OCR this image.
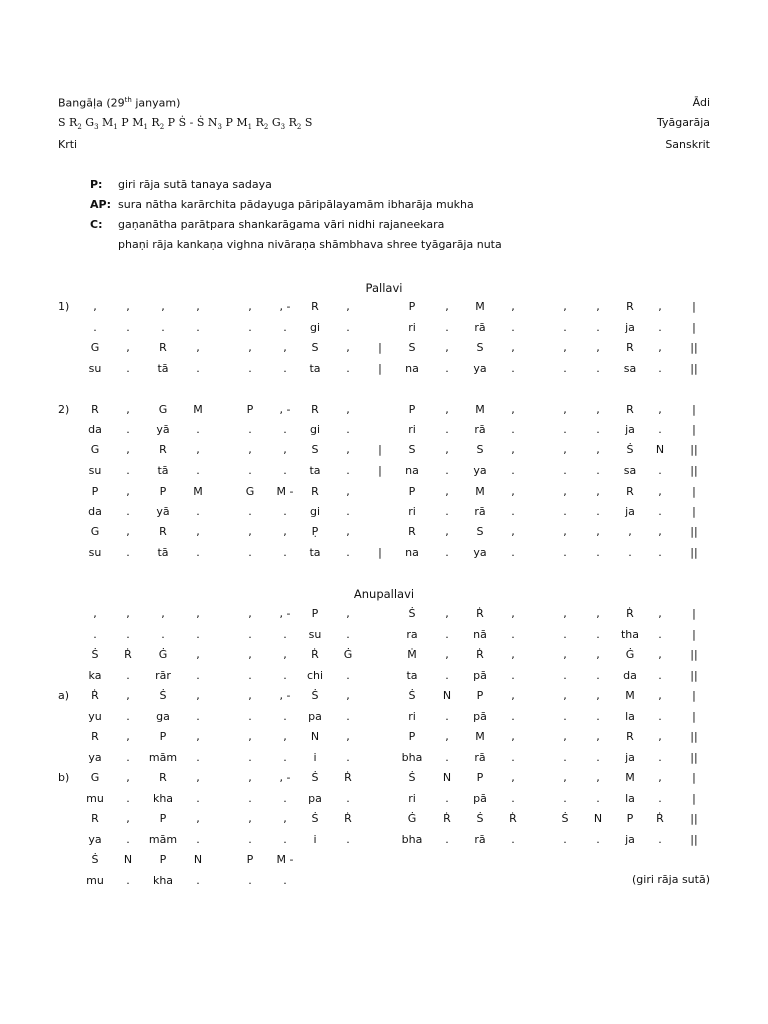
Bangāḷa (29th janyam)	Ādi
S $R_2$ $G_3$ $M_1$ P $M_1$ $R_2$ P Ṡ - Ṡ $N_3$ P $M_1$ $R_2$ $G_3$ $R_2$ S	Tyāgarāja
Krti	Sanskrit
P: giri rāja sutā tanaya sadaya
AP: sura nātha karārchita pādayuga pāripālayamām ibharāja mukha
C: gaṇanātha parātpara shankarāgama vāri nidhi rajaneekara
phaṇi rāja kankaṇa vighna nivāraṇa shāmbhava shree tyāgarāja nuta
Pallavi
Anupallavi
1)	,	,	,	,	,	, -	R	,	P	,	M	,	,	,	R	,	|
.	.	.	.	.	.	gi	.	ri	.	rā	.	.	.	ja	.	|
G	,	R	,	,	,	S	,	|	S	,	S	,	,	,	R	,	||
su	.	tā	.	.	.	ta	.	|	na	.	ya	.	.	.	sa	.	||
2)	R	,	G	M	P	, -	R	,	P	,	M	,	,	,	R	,	|
da	.	yā	.	.	.	gi	.	ri	.	rā	.	.	.	ja	.	|
G	,	R	,	,	,	S	,	|	S	,	S	,	,	,	Ṡ	N	||
su	.	tā	.	.	.	ta	.	|	na	.	ya	.	.	.	sa	.	||
P	,	P	M	G	M -	R	,	P	,	M	,	,	,	R	,	|
da	.	yā	.	.	.	gi	.	ri	.	rā	.	.	.	ja	.	|
G	,	R	,	,	,	P̣	,	R	,	S	,	,	,	,	,	||
su	.	tā	.	.	.	ta	.	|	na	.	ya	.	.	.	.	.	||
,	,	,	,	,	, -	P	,	Ṡ	,	Ṙ	,	,	,	Ṙ	,	|
.	.	.	.	.	.	su	.	ra	.	nā	.	.	.	tha	.	|
Ṡ	Ṙ	Ġ	,	,	,	Ṙ	Ġ	Ṁ	,	Ṙ	,	,	,	Ġ	,	||
ka	.	rār	.	.	.	chi	.	ta	.	pā	.	.	.	da	.	||
a)	Ṙ	,	Ṡ	,	,	, -	Ṡ	,	Ṡ	N	P	,	,	,	M	,	|
yu	.	ga	.	.	.	pa	.	ri	.	pā	.	.	.	la	.	|
R	,	P	,	,	,	N	,	P	,	M	,	,	,	R	,	||
ya	.	mām	.	.	.	i	.	bha	.	rā	.	.	.	ja	.	||
b)	G	,	R	,	,	, -	Ṡ	Ṙ	Ṡ	N	P	,	,	,	M	,	|
mu	.	kha	.	.	.	pa	.	ri	.	pā	.	.	.	la	.	|
R	,	P	,	,	,	Ṡ	Ṙ	Ġ	Ṙ	Ṡ	Ṙ	Ṡ	N	P	Ṙ	||
ya	.	mām	.	.	.	i	.	bha	.	rā	.	.	.	ja	.	||
Ṡ	N	P	N	P	M -
mu	.	kha	.	.	.	(giri rāja sutā)
